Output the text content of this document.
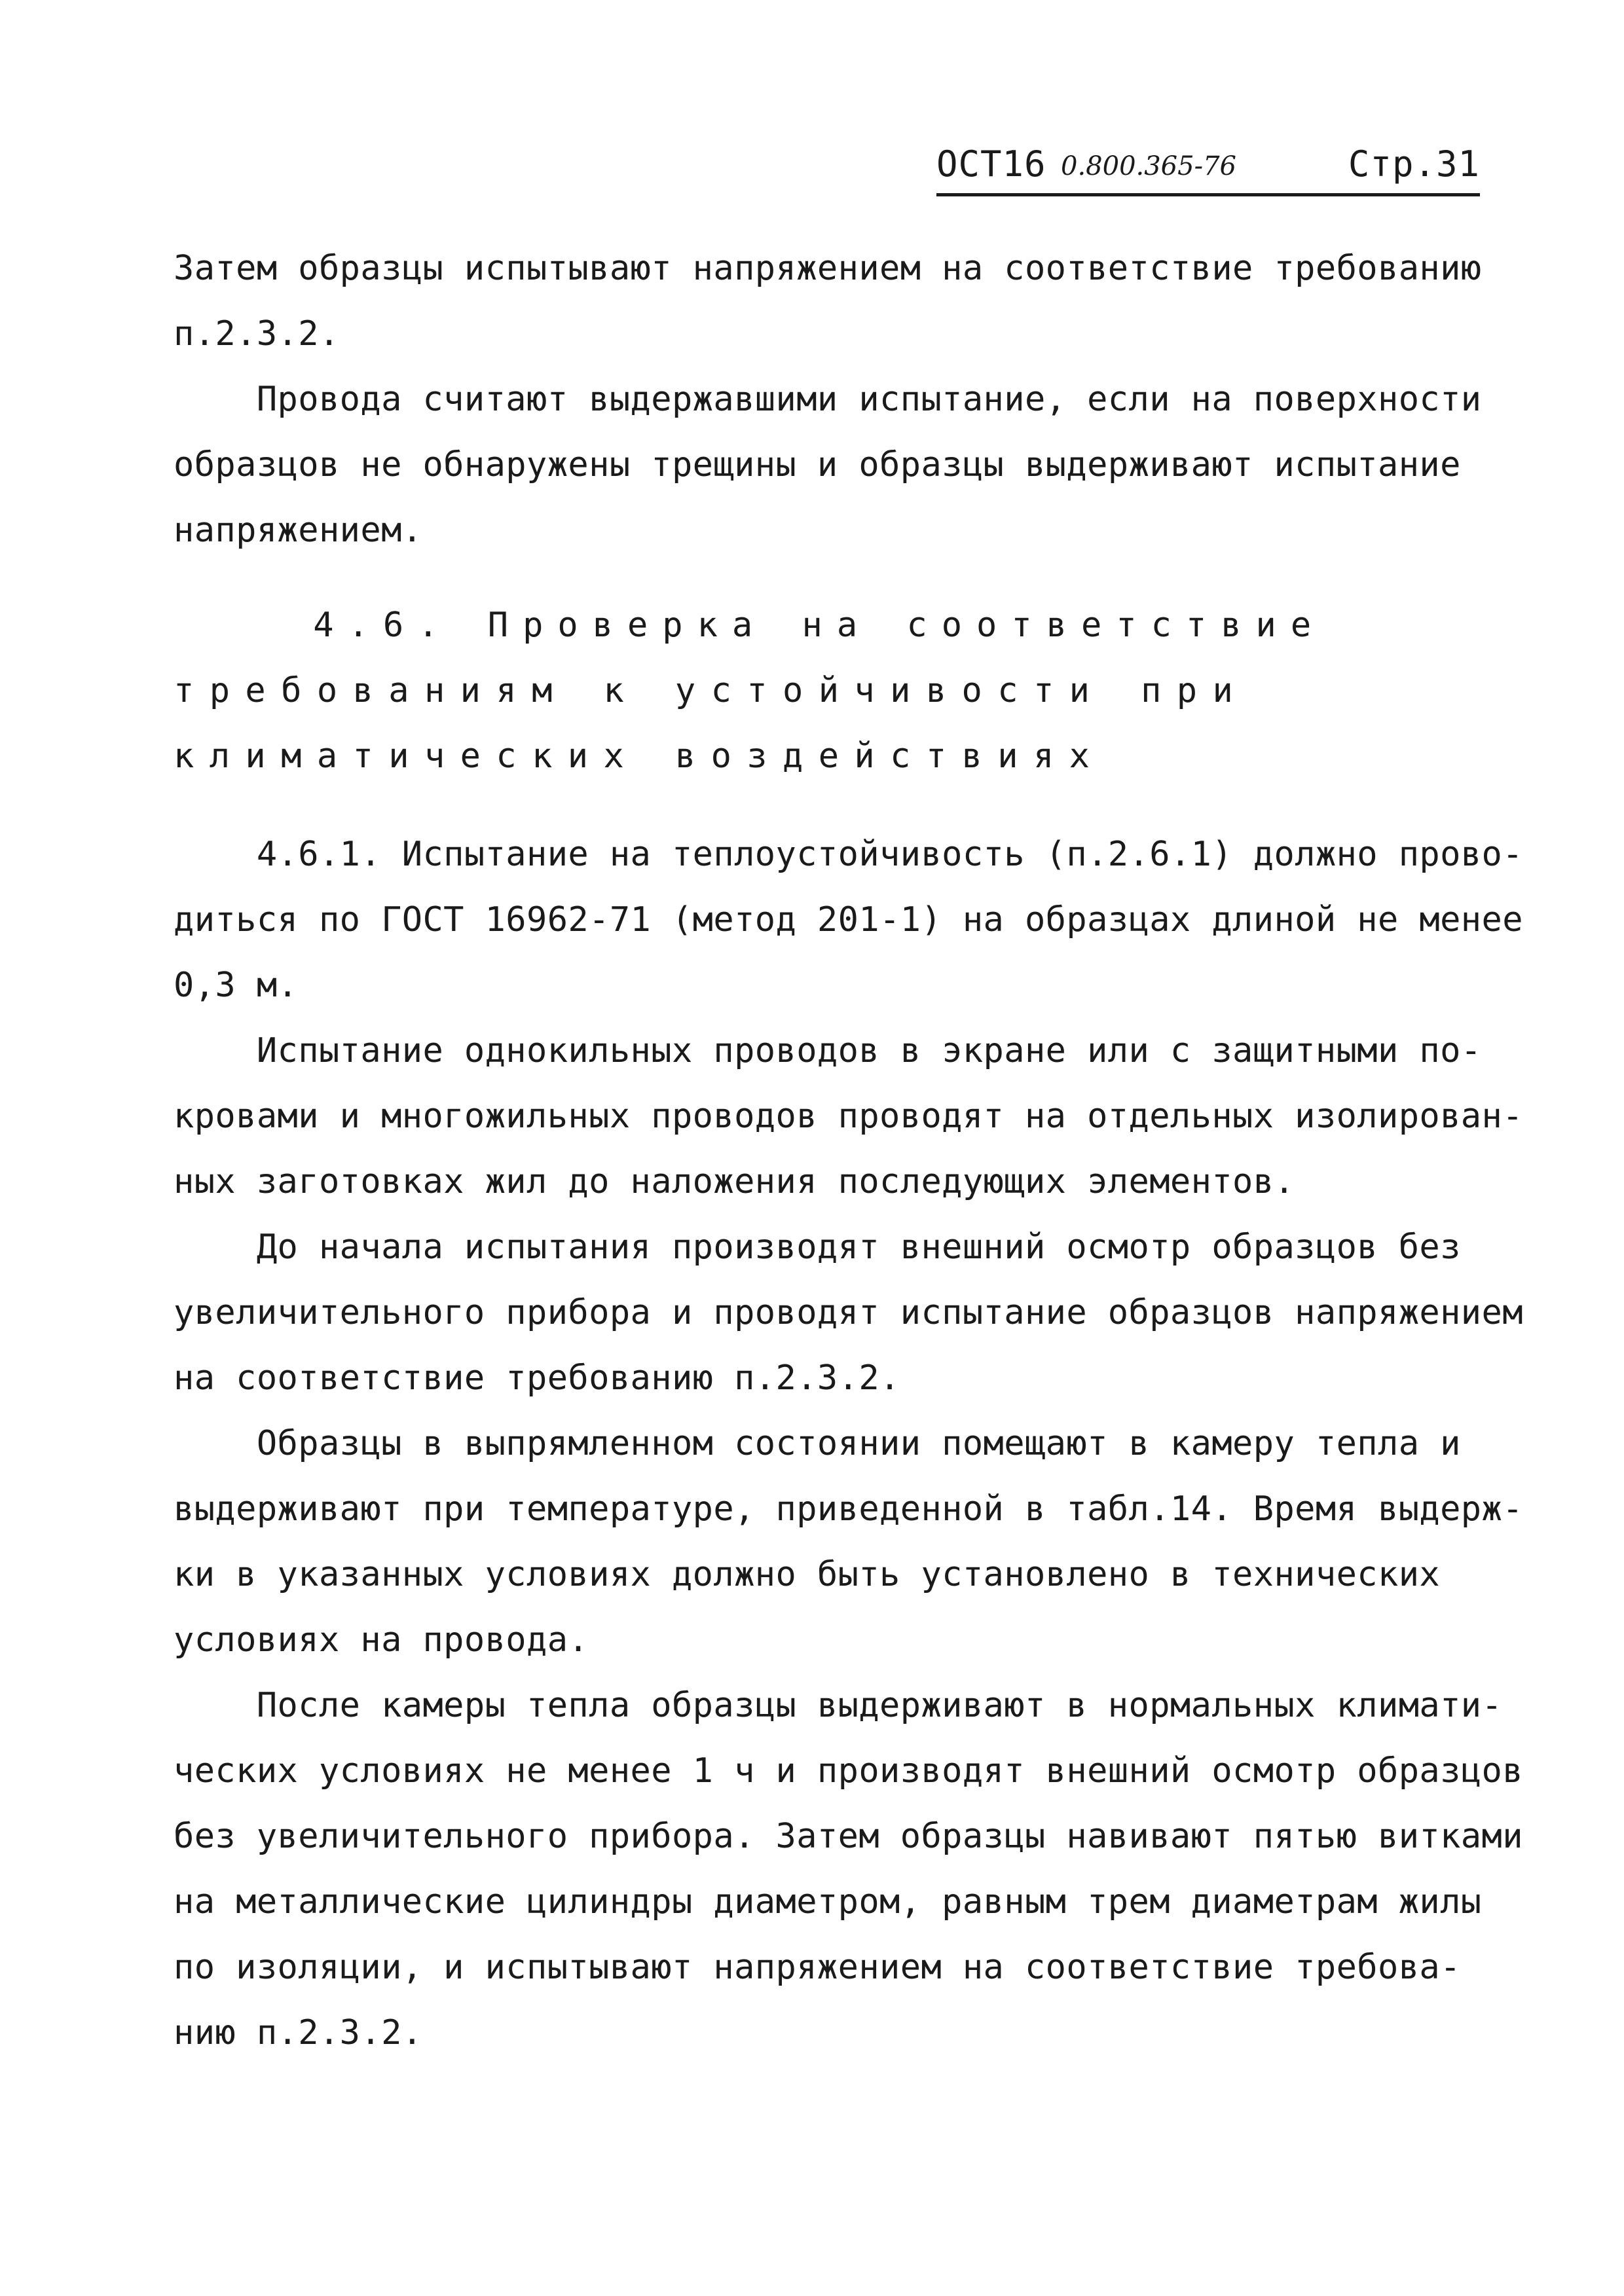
ОСТ16 0.800.365-76	Стр.31
Затем образцы испытывают напряжением на соответствие требованию
п.2.3.2.
Провода считают выдержавшими испытание, если на поверхности
образцов не обнаружены трещины и образцы выдерживают испытание
напряжением.
4.6. Проверка на соответствие
требованиям к устойчивости при
климатических воздействиях
4.6.1. Испытание на теплоустойчивость (п.2.6.1) должно прово-
диться по ГОСТ 16962-71 (метод 201-1) на образцах длиной не менее
0,3 м.
Испытание однокильных проводов в экране или с защитными по-
кровами и многожильных проводов проводят на отдельных изолирован-
ных заготовках жил до наложения последующих элементов.
До начала испытания производят внешний осмотр образцов без
увеличительного прибора и проводят испытание образцов напряжением
на соответствие требованию п.2.3.2.
Образцы в выпрямленном состоянии помещают в камеру тепла и
выдерживают при температуре, приведенной в табл.14. Время выдерж-
ки в указанных условиях должно быть установлено в технических
условиях на провода.
После камеры тепла образцы выдерживают в нормальных климати-
ческих условиях не менее 1 ч и производят внешний осмотр образцов
без увеличительного прибора. Затем образцы навивают пятью витками
на металлические цилиндры диаметром, равным трем диаметрам жилы
по изоляции, и испытывают напряжением на соответствие требова-
нию п.2.3.2.
